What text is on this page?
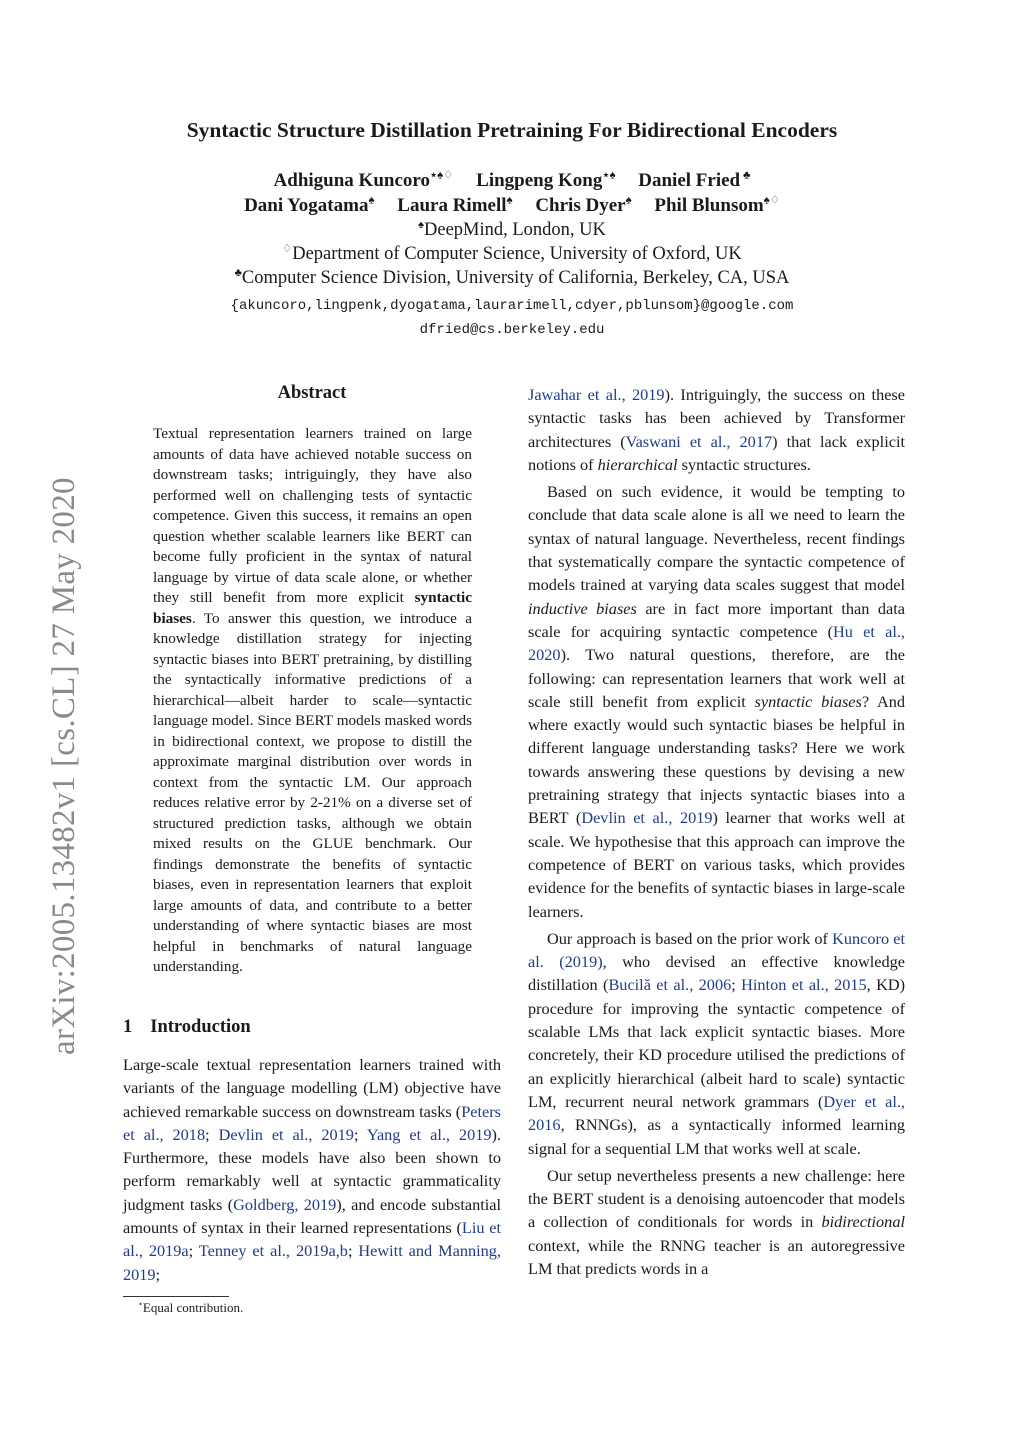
Syntactic Structure Distillation Pretraining For Bidirectional Encoders
Adhiguna Kuncoro⋆♠♢ Lingpeng Kong⋆♠ Daniel Fried ♣
Dani Yogatama♠ Laura Rimell♠ Chris Dyer♠ Phil Blunsom♠♢
♠DeepMind, London, UK
♢Department of Computer Science, University of Oxford, UK
♣Computer Science Division, University of California, Berkeley, CA, USA
{akuncoro,lingpenk,dyogatama,laurarimell,cdyer,pblunsom}@google.com
dfried@cs.berkeley.edu
arXiv:2005.13482v1 [cs.CL] 27 May 2020
Abstract
Textual representation learners trained on large amounts of data have achieved notable success on downstream tasks; intriguingly, they have also performed well on challenging tests of syntactic competence. Given this success, it remains an open question whether scalable learners like BERT can become fully proficient in the syntax of natural language by virtue of data scale alone, or whether they still benefit from more explicit syntactic biases. To answer this question, we introduce a knowledge distillation strategy for injecting syntactic biases into BERT pretraining, by distilling the syntactically informative predictions of a hierarchical—albeit harder to scale—syntactic language model. Since BERT models masked words in bidirectional context, we propose to distill the approximate marginal distribution over words in context from the syntactic LM. Our approach reduces relative error by 2-21% on a diverse set of structured prediction tasks, although we obtain mixed results on the GLUE benchmark. Our findings demonstrate the benefits of syntactic biases, even in representation learners that exploit large amounts of data, and contribute to a better understanding of where syntactic biases are most helpful in benchmarks of natural language understanding.
1 Introduction
Large-scale textual representation learners trained with variants of the language modelling (LM) objective have achieved remarkable success on downstream tasks (Peters et al., 2018; Devlin et al., 2019; Yang et al., 2019). Furthermore, these models have also been shown to perform remarkably well at syntactic grammaticality judgment tasks (Goldberg, 2019), and encode substantial amounts of syntax in their learned representations (Liu et al., 2019a; Tenney et al., 2019a,b; Hewitt and Manning, 2019;
⋆Equal contribution.

Jawahar et al., 2019). Intriguingly, the success on these syntactic tasks has been achieved by Transformer architectures (Vaswani et al., 2017) that lack explicit notions of hierarchical syntactic structures.

Based on such evidence, it would be tempting to conclude that data scale alone is all we need to learn the syntax of natural language. Nevertheless, recent findings that systematically compare the syntactic competence of models trained at varying data scales suggest that model inductive biases are in fact more important than data scale for acquiring syntactic competence (Hu et al., 2020). Two natural questions, therefore, are the following: can representation learners that work well at scale still benefit from explicit syntactic biases? And where exactly would such syntactic biases be helpful in different language understanding tasks? Here we work towards answering these questions by devising a new pretraining strategy that injects syntactic biases into a BERT (Devlin et al., 2019) learner that works well at scale. We hypothesise that this approach can improve the competence of BERT on various tasks, which provides evidence for the benefits of syntactic biases in large-scale learners.

Our approach is based on the prior work of Kuncoro et al. (2019), who devised an effective knowledge distillation (Bucilă et al., 2006; Hinton et al., 2015, KD) procedure for improving the syntactic competence of scalable LMs that lack explicit syntactic biases. More concretely, their KD procedure utilised the predictions of an explicitly hierarchical (albeit hard to scale) syntactic LM, recurrent neural network grammars (Dyer et al., 2016, RNNGs), as a syntactically informed learning signal for a sequential LM that works well at scale.

Our setup nevertheless presents a new challenge: here the BERT student is a denoising autoencoder that models a collection of conditionals for words in bidirectional context, while the RNNG teacher is an autoregressive LM that predicts words in a
